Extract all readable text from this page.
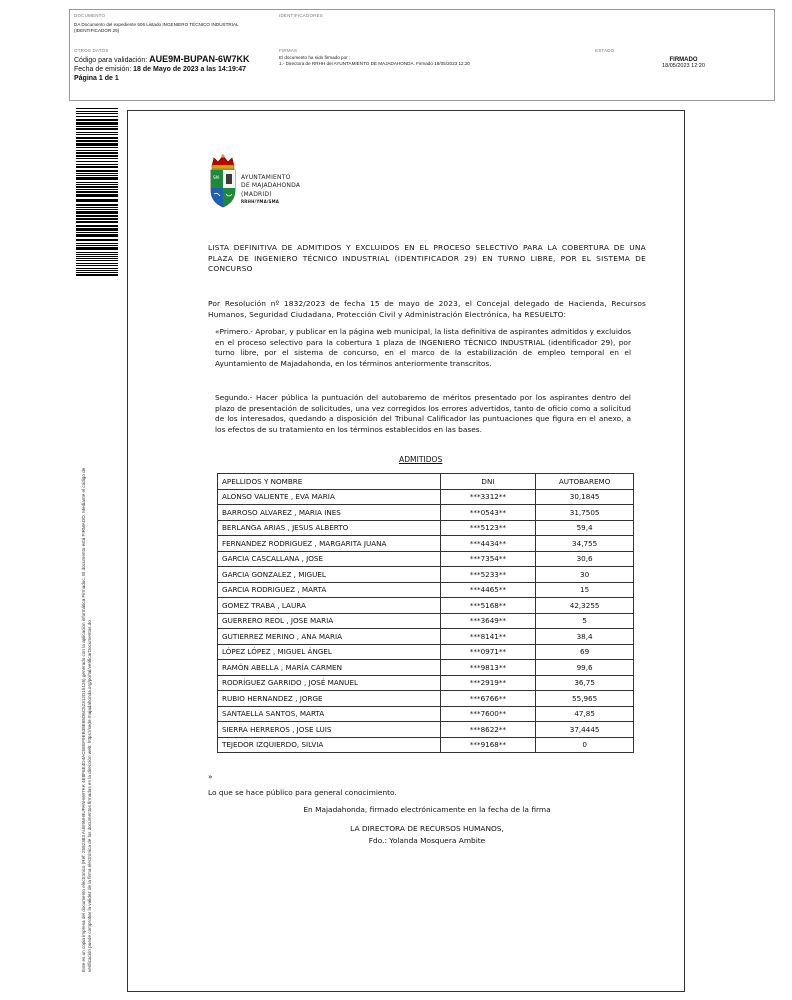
DOCUMENTO
DA Documento del expediente 506 Listado INGENIERO TÉCNICO INDUSTRIAL (IDENTIFICADOR 29)
IDENTIFICADORES
OTROS DATOS
Código para validación: AUE9M-BUPAN-6W7KK
Fecha de emisión: 18 de Mayo de 2023 a las 14:19:47
Página 1 de 1
FIRMAS
El documento ha sido firmado por :
1.- Directora de RRHH del AYUNTAMIENTO DE MAJADAHONDA. Firmado 18/05/2023 12:20
ESTADO
FIRMADO
18/05/2023 12:20
Este es un copia impresa del documento electrónico (Ref: 2582383 AUE9M-BUPAN-6W7KK 4E8F6E4D4AC5EEF9EB38E65D6C52312D15126) generado con la aplicación informática Firmadoc. El documento está FIRMADO. Mediante el código de verificación puede comprobar la validez de la firma electrónica de los documentos firmados en la dirección web: https://sede.majadahonda.org/portal/verificarDocumentos.do
SM	AYUNTAMIENTO
DE MAJADAHONDA
(MADRID)
RRHH/YMA/SMA
LISTA DEFINITIVA DE ADMITIDOS Y EXCLUIDOS EN EL PROCESO SELECTIVO PARA LA COBERTURA DE UNA PLAZA DE INGENIERO TÉCNICO INDUSTRIAL (IDENTIFICADOR 29) EN TURNO LIBRE, POR EL SISTEMA DE CONCURSO
Por Resolución nº 1832/2023 de fecha 15 de mayo de 2023, el Concejal delegado de Hacienda, Recursos Humanos, Seguridad Ciudadana, Protección Civil y Administración Electrónica, ha RESUELTO:
«Primero.- Aprobar, y publicar en la página web municipal, la lista definitiva de aspirantes admitidos y excluidos en el proceso selectivo para la cobertura 1 plaza de INGENIERO TÉCNICO INDUSTRIAL (identificador 29), por turno libre, por el sistema de concurso, en el marco de la estabilización de empleo temporal en el Ayuntamiento de Majadahonda, en los términos anteriormente transcritos.
Segundo.- Hacer pública la puntuación del autobaremo de méritos presentado por los aspirantes dentro del plazo de presentación de solicitudes, una vez corregidos los errores advertidos, tanto de oficio como a solicitud de los interesados, quedando a disposición del Tribunal Calificador las puntuaciones que figura en el anexo, a los efectos de su tratamiento en los términos establecidos en las bases.
ADMITIDOS
APELLIDOS Y NOMBRE	DNI	AUTOBAREMO
ALONSO VALIENTE , EVA MARIA	***3312**	30,1845
BARROSO ALVAREZ , MARIA INES	***0543**	31,7505
BERLANGA ARIAS , JESUS ALBERTO	***5123**	59,4
FERNANDEZ RODRIGUEZ , MARGARITA JUANA	***4434**	34,755
GARCIA CASCALLANA , JOSE	***7354**	30,6
GARCIA GONZALEZ , MIGUEL	***5233**	30
GARCIA RODRIGUEZ , MARTA	***4465**	15
GOMEZ TRABA , LAURA	***5168**	42,3255
GUERRERO REOL , JOSE MARIA	***3649**	5
GUTIERREZ MERINO , ANA MARIA	***8141**	38,4
LÓPEZ LÓPEZ , MIGUEL ÁNGEL	***0971**	69
RAMÓN ABELLA , MARÍA CARMEN	***9813**	99,6
RODRÍGUEZ GARRIDO , JOSÉ MANUEL	***2919**	36,75
RUBIO HERNANDEZ , JORGE	***6766**	55,965
SANTAELLA SANTOS, MARTA	***7600**	47,85
SIERRA HERREROS , JOSE LUIS	***8622**	37,4445
TEJEDOR IZQUIERDO, SILVIA	***9168**	0
»
Lo que se hace público para general conocimiento.
En Majadahonda, firmado electrónicamente en la fecha de la firma
LA DIRECTORA DE RECURSOS HUMANOS,
Fdo.: Yolanda Mosquera Ambite
